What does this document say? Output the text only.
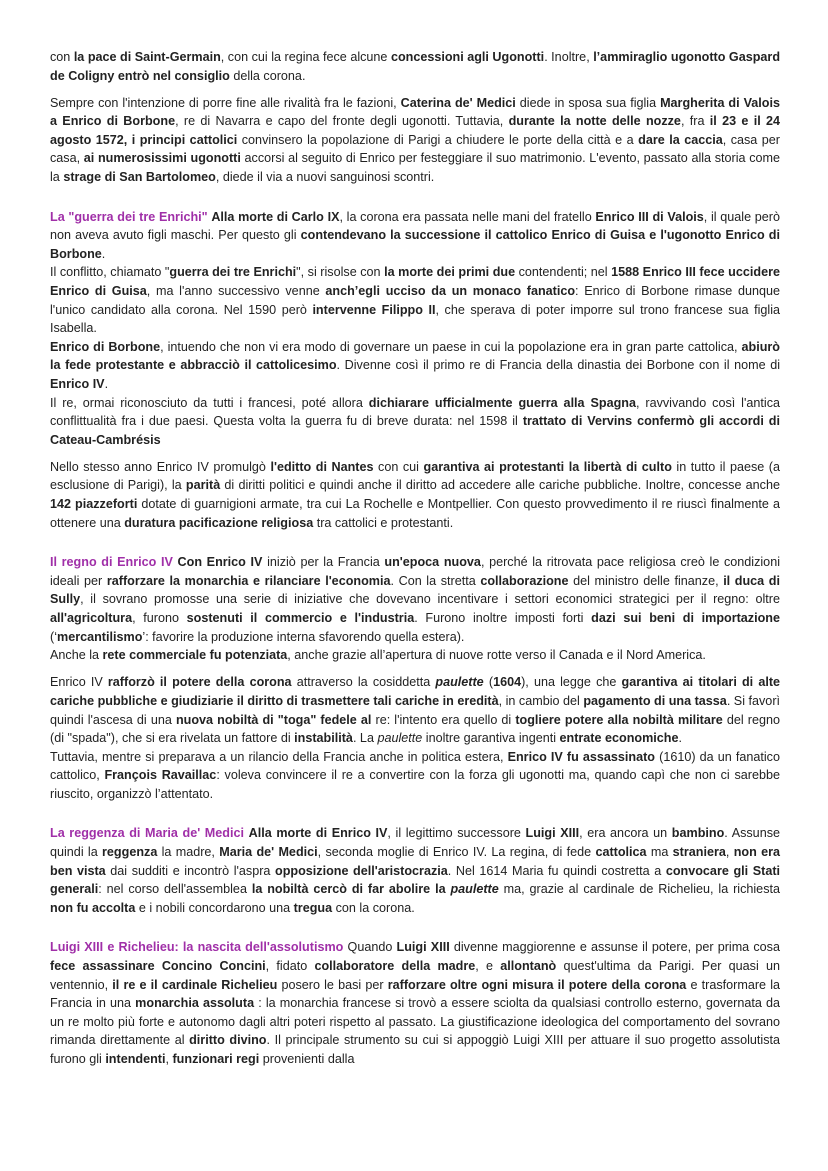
con la pace di Saint-Germain, con cui la regina fece alcune concessioni agli Ugonotti. Inoltre, l’ammiraglio ugonotto Gaspard de Coligny entrò nel consiglio della corona.
Sempre con l'intenzione di porre fine alle rivalità fra le fazioni, Caterina de' Medici diede in sposa sua figlia Margherita di Valois a Enrico di Borbone, re di Navarra e capo del fronte degli ugonotti. Tuttavia, durante la notte delle nozze, fra il 23 e il 24 agosto 1572, i principi cattolici convinsero la popolazione di Parigi a chiudere le porte della città e a dare la caccia, casa per casa, ai numerosissimi ugonotti accorsi al seguito di Enrico per festeggiare il suo matrimonio. L'evento, passato alla storia come la strage di San Bartolomeo, diede il via a nuovi sanguinosi scontri.

La "guerra dei tre Enrichi" Alla morte di Carlo IX, la corona era passata nelle mani del fratello Enrico III di Valois, il quale però non aveva avuto figli maschi. Per questo gli contendevano la successione il cattolico Enrico di Guisa e l'ugonotto Enrico di Borbone.

Il conflitto, chiamato "guerra dei tre Enrichi", si risolse con la morte dei primi due contendenti; nel 1588 Enrico III fece uccidere Enrico di Guisa, ma l'anno successivo venne anch’egli ucciso da un monaco fanatico: Enrico di Borbone rimase dunque l'unico candidato alla corona. Nel 1590 però intervenne Filippo II, che sperava di poter imporre sul trono francese sua figlia Isabella.

Enrico di Borbone, intuendo che non vi era modo di governare un paese in cui la popolazione era in gran parte cattolica, abiurò la fede protestante e abbracciò il cattolicesimo. Divenne così il primo re di Francia della dinastia dei Borbone con il nome di Enrico IV.

Il re, ormai riconosciuto da tutti i francesi, poté allora dichiarare ufficialmente guerra alla Spagna, ravvivando così l'antica conflittualità fra i due paesi. Questa volta la guerra fu di breve durata: nel 1598 il trattato di Vervins confermò gli accordi di Cateau-Cambrésis

Nello stesso anno Enrico IV promulgò l'editto di Nantes con cui garantiva ai protestanti la libertà di culto in tutto il paese (a esclusione di Parigi), la parità di diritti politici e quindi anche il diritto ad accedere alle cariche pubbliche. Inoltre, concesse anche 142 piazzeforti dotate di guarnigioni armate, tra cui La Rochelle e Montpellier. Con questo provvedimento il re riuscì finalmente a ottenere una duratura pacificazione religiosa tra cattolici e protestanti.

Il regno di Enrico IV Con Enrico IV iniziò per la Francia un'epoca nuova, perché la ritrovata pace religiosa creò le condizioni ideali per rafforzare la monarchia e rilanciare l'economia. Con la stretta collaborazione del ministro delle finanze, il duca di Sully, il sovrano promosse una serie di iniziative che dovevano incentivare i settori economici strategici per il regno: oltre all'agricoltura, furono sostenuti il commercio e l'industria. Furono inoltre imposti forti dazi sui beni di importazione (‘mercantilismo’: favorire la produzione interna sfavorendo quella estera).

Anche la rete commerciale fu potenziata, anche grazie all’apertura di nuove rotte verso il Canada e il Nord America.

Enrico IV rafforzò il potere della corona attraverso la cosiddetta paulette (1604), una legge che garantiva ai titolari di alte cariche pubbliche e giudiziarie il diritto di trasmettere tali cariche in eredità, in cambio del pagamento di una tassa. Si favorì quindi l'ascesa di una nuova nobiltà di "toga" fedele al re: l'intento era quello di togliere potere alla nobiltà militare del regno (di "spada"), che si era rivelata un fattore di instabilità. La paulette inoltre garantiva ingenti entrate economiche.

Tuttavia, mentre si preparava a un rilancio della Francia anche in politica estera, Enrico IV fu assassinato (1610) da un fanatico cattolico, François Ravaillac: voleva convincere il re a convertire con la forza gli ugonotti ma, quando capì che non ci sarebbe riuscito, organizzò l’attentato.

La reggenza di Maria de' Medici Alla morte di Enrico IV, il legittimo successore Luigi XIII, era ancora un bambino. Assunse quindi la reggenza la madre, Maria de' Medici, seconda moglie di Enrico IV. La regina, di fede cattolica ma straniera, non era ben vista dai sudditi e incontrò l'aspra opposizione dell'aristocrazia. Nel 1614 Maria fu quindi costretta a convocare gli Stati generali: nel corso dell'assemblea la nobiltà cercò di far abolire la paulette ma, grazie al cardinale de Richelieu, la richiesta non fu accolta e i nobili concordarono una tregua con la corona.
Luigi XIII e Richelieu: la nascita dell'assolutismo Quando Luigi XIII divenne maggiorenne e assunse il potere, per prima cosa fece assassinare Concino Concini, fidato collaboratore della madre, e allontanò quest'ultima da Parigi. Per quasi un ventennio, il re e il cardinale Richelieu posero le basi per rafforzare oltre ogni misura il potere della corona e trasformare la Francia in una monarchia assoluta : la monarchia francese si trovò a essere sciolta da qualsiasi controllo esterno, governata da un re molto più forte e autonomo dagli altri poteri rispetto al passato. La giustificazione ideologica del comportamento del sovrano rimanda direttamente al diritto divino. Il principale strumento su cui si appoggiò Luigi XIII per attuare il suo progetto assolutista furono gli intendenti, funzionari regi provenienti dalla
